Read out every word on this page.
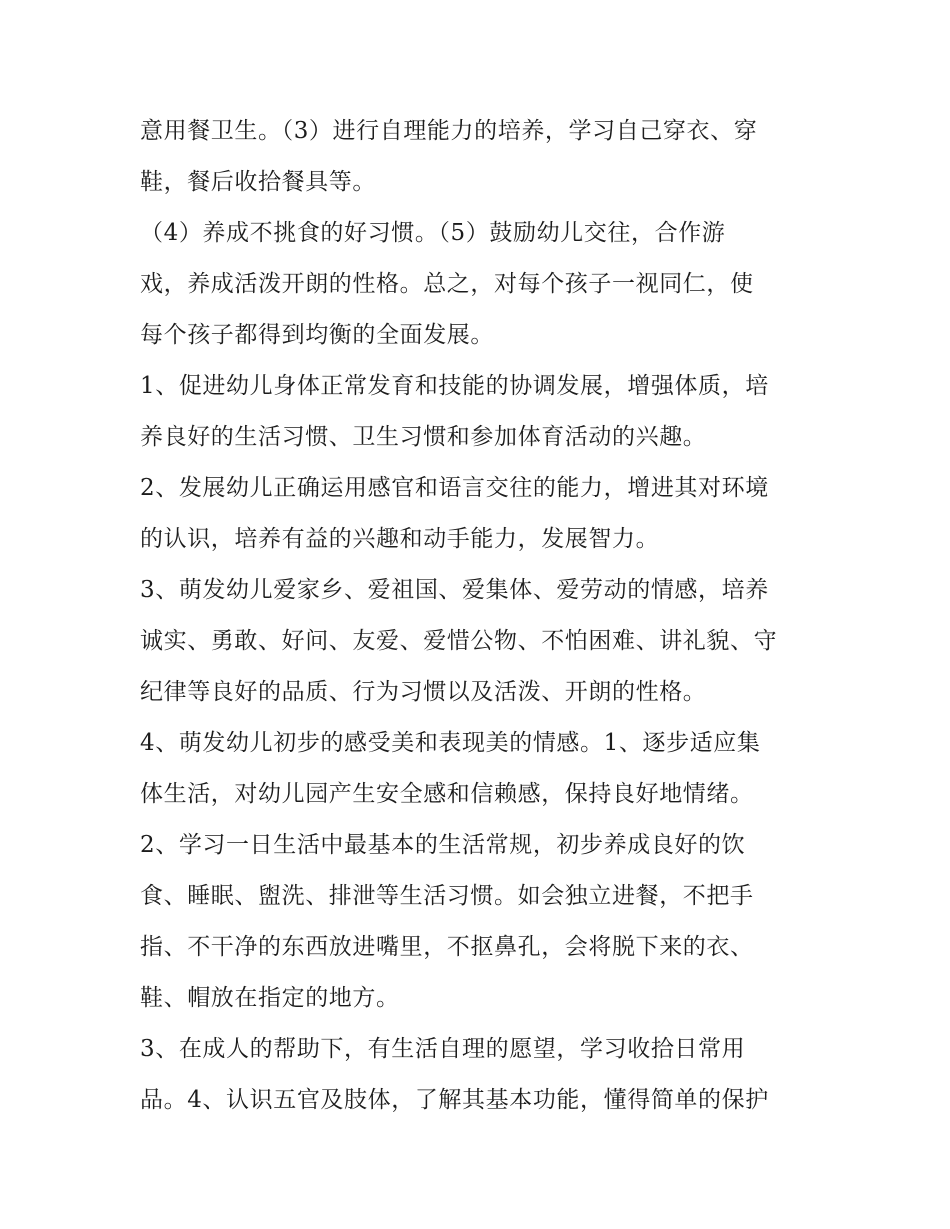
意用餐卫生。（3）进行自理能力的培养，学习自己穿衣、穿
鞋，餐后收拾餐具等。
（4）养成不挑食的好习惯。（5）鼓励幼儿交往，合作游
戏，养成活泼开朗的性格。总之，对每个孩子一视同仁，使
每个孩子都得到均衡的全面发展。
1、促进幼儿身体正常发育和技能的协调发展，增强体质，培
养良好的生活习惯、卫生习惯和参加体育活动的兴趣。
2、发展幼儿正确运用感官和语言交往的能力，增进其对环境
的认识，培养有益的兴趣和动手能力，发展智力。
3、萌发幼儿爱家乡、爱祖国、爱集体、爱劳动的情感，培养
诚实、勇敢、好问、友爱、爱惜公物、不怕困难、讲礼貌、守
纪律等良好的品质、行为习惯以及活泼、开朗的性格。
4、萌发幼儿初步的感受美和表现美的情感。1、逐步适应集
体生活，对幼儿园产生安全感和信赖感，保持良好地情绪。
2、学习一日生活中最基本的生活常规，初步养成良好的饮
食、睡眠、盥洗、排泄等生活习惯。如会独立进餐，不把手
指、不干净的东西放进嘴里，不抠鼻孔，会将脱下来的衣、
鞋、帽放在指定的地方。
3、在成人的帮助下，有生活自理的愿望，学习收拾日常用
品。4、认识五官及肢体，了解其基本功能，懂得简单的保护
